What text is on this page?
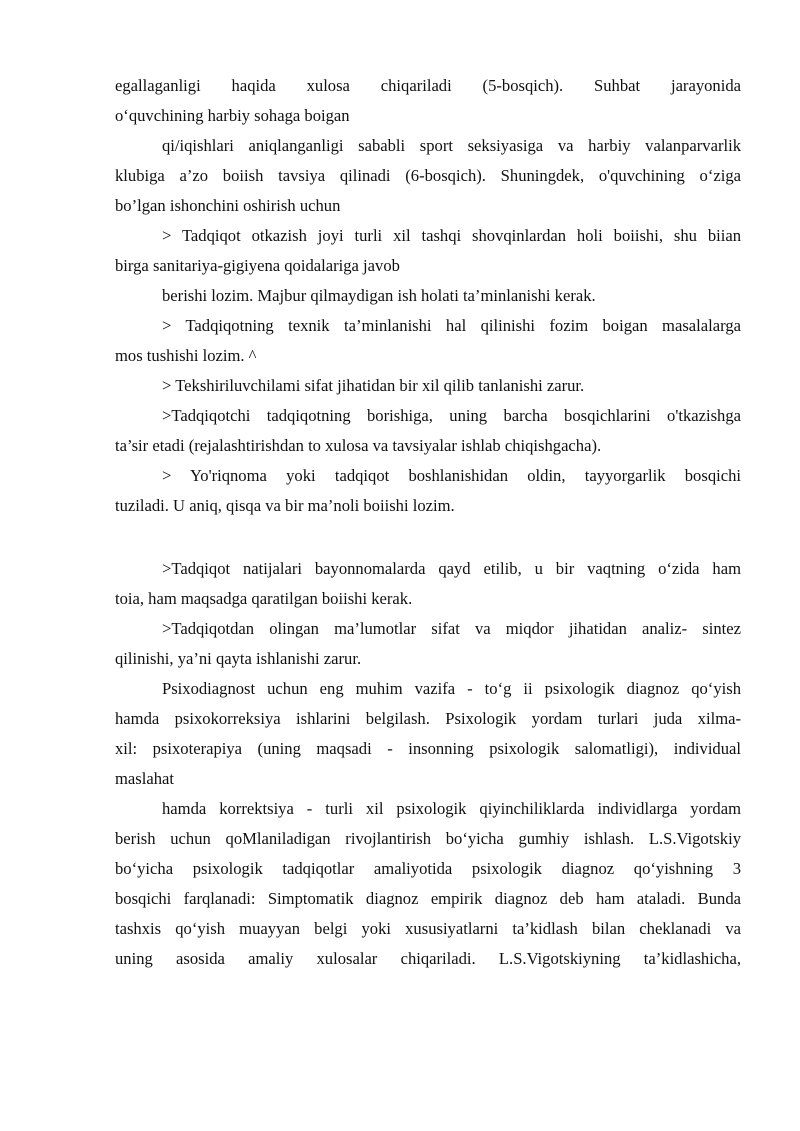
egallaganligi haqida xulosa chiqariladi (5-bosqich). Suhbat jarayonida
o‘quvchining harbiy sohaga boigan
qi/iqishlari aniqlanganligi sababli sport seksiyasiga va harbiy valanparvarlik
klubiga a’zo boiish tavsiya qilinadi (6-bosqich). Shuningdek, o'quvchining o‘ziga
bo’lgan ishonchini oshirish uchun
> Tadqiqot otkazish joyi turli xil tashqi shovqinlardan holi boiishi, shu biian
birga sanitariya-gigiyena qoidalariga javob
berishi lozim. Majbur qilmaydigan ish holati ta’minlanishi kerak.
> Tadqiqotning texnik ta’minlanishi hal qilinishi fozim boigan masalalarga
mos tushishi lozim. ^
> Tekshiriluvchilami sifat jihatidan bir xil qilib tanlanishi zarur.
>Tadqiqotchi tadqiqotning borishiga, uning barcha bosqichlarini o'tkazishga
ta’sir etadi (rejalashtirishdan to xulosa va tavsiyalar ishlab chiqishgacha).
> Yo'riqnoma yoki tadqiqot boshlanishidan oldin, tayyorgarlik bosqichi
tuziladi. U aniq, qisqa va bir ma’noli boiishi lozim.
>Tadqiqot natijalari bayonnomalarda qayd etilib, u bir vaqtning o‘zida ham
toia, ham maqsadga qaratilgan boiishi kerak.
>Tadqiqotdan olingan ma’lumotlar sifat va miqdor jihatidan analiz- sintez
qilinishi, ya’ni qayta ishlanishi zarur.
Psixodiagnost uchun eng muhim vazifa - to‘g ii psixologik diagnoz qo‘yish
hamda psixokorreksiya ishlarini belgilash. Psixologik yordam turlari juda xilma-
xil: psixoterapiya (uning maqsadi - insonning psixologik salomatligi), individual
maslahat
hamda korrektsiya - turli xil psixologik qiyinchiliklarda individlarga yordam
berish uchun qoMlaniladigan rivojlantirish bo‘yicha gumhiy ishlash. L.S.Vigotskiy
bo‘yicha psixologik tadqiqotlar amaliyotida psixologik diagnoz qo‘yishning 3
bosqichi farqlanadi: Simptomatik diagnoz empirik diagnoz deb ham ataladi. Bunda
tashxis qo‘yish muayyan belgi yoki xususiyatlarni ta’kidlash bilan cheklanadi va
uning asosida amaliy xulosalar chiqariladi. L.S.Vigotskiyning ta’kidlashicha,
